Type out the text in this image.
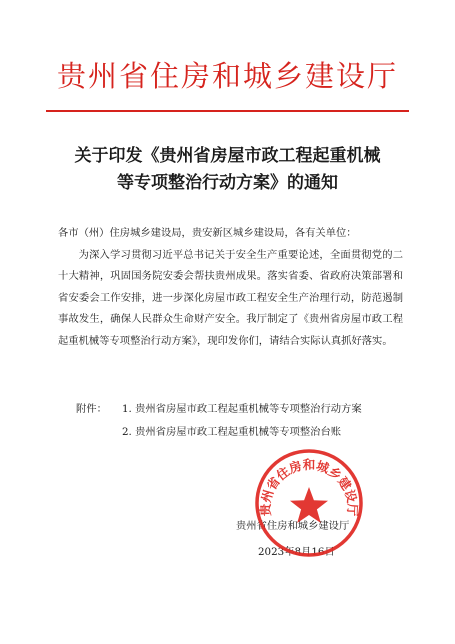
贵州省住房和城乡建设厅
关于印发《贵州省房屋市政工程起重机械
等专项整治行动方案》的通知

各市（州）住房城乡建设局，贵安新区城乡建设局，各有关单位：

为深入学习贯彻习近平总书记关于安全生产重要论述，全面贯彻党的二十大精神，巩固国务院安委会帮扶贵州成果。落实省委、省政府决策部署和省安委会工作安排，进一步深化房屋市政工程安全生产治理行动，防范遏制事故发生，确保人民群众生命财产安全。我厅制定了《贵州省房屋市政工程起重机械等专项整治行动方案》，现印发你们，请结合实际认真抓好落实。

附件： 1. 贵州省房屋市政工程起重机械等专项整治行动方案
2. 贵州省房屋市政工程起重机械等专项整治台账
贵州省住房和城乡建设厅
2023年8月16日
贵州省住房和城乡建设厅
